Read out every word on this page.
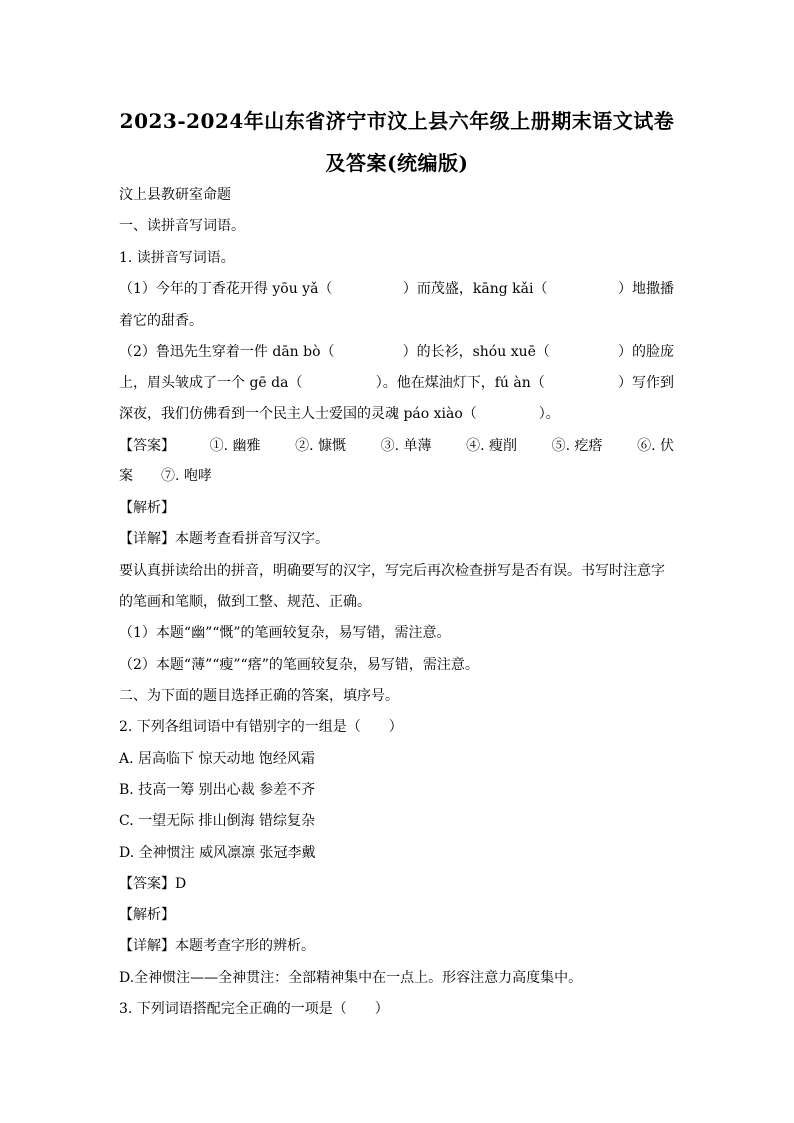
2023-2024年山东省济宁市汶上县六年级上册期末语文试卷
及答案(统编版)
汶上县教研室命题
一、读拼音写词语。
1. 读拼音写词语。
（1）今年的丁香花开得 yōu yǎ（	）而茂盛，kāng kǎi（	）地撒播
着它的甜香。
（2）鲁迅先生穿着一件 dān bò（	）的长衫，shóu xuē（	）的脸庞
上，眉头皱成了一个 gē da（	）。他在煤油灯下，fú àn（	）写作到
深夜，我们仿佛看到一个民主人士爱国的灵魂 páo xiào（	）。
【答案】 ①. 幽雅 ②. 慷慨 ③. 单薄 ④. 瘦削 ⑤. 疙瘩 ⑥. 伏
案 ⑦. 咆哮
【解析】
【详解】本题考查看拼音写汉字。
要认真拼读给出的拼音，明确要写的汉字，写完后再次检查拼写是否有误。书写时注意字
的笔画和笔顺，做到工整、规范、正确。
（1）本题“幽”“慨”的笔画较复杂，易写错，需注意。
（2）本题“薄”“瘦”“瘩”的笔画较复杂，易写错，需注意。
二、为下面的题目选择正确的答案，填序号。
2. 下列各组词语中有错别字的一组是（　　）
A. 居高临下 惊天动地 饱经风霜
B. 技高一筹 别出心裁 参差不齐
C. 一望无际 排山倒海 错综复杂
D. 全神惯注 威风凛凛 张冠李戴
【答案】D
【解析】
【详解】本题考查字形的辨析。
D.全神惯注——全神贯注：全部精神集中在一点上。形容注意力高度集中。
3. 下列词语搭配完全正确的一项是（　　）
